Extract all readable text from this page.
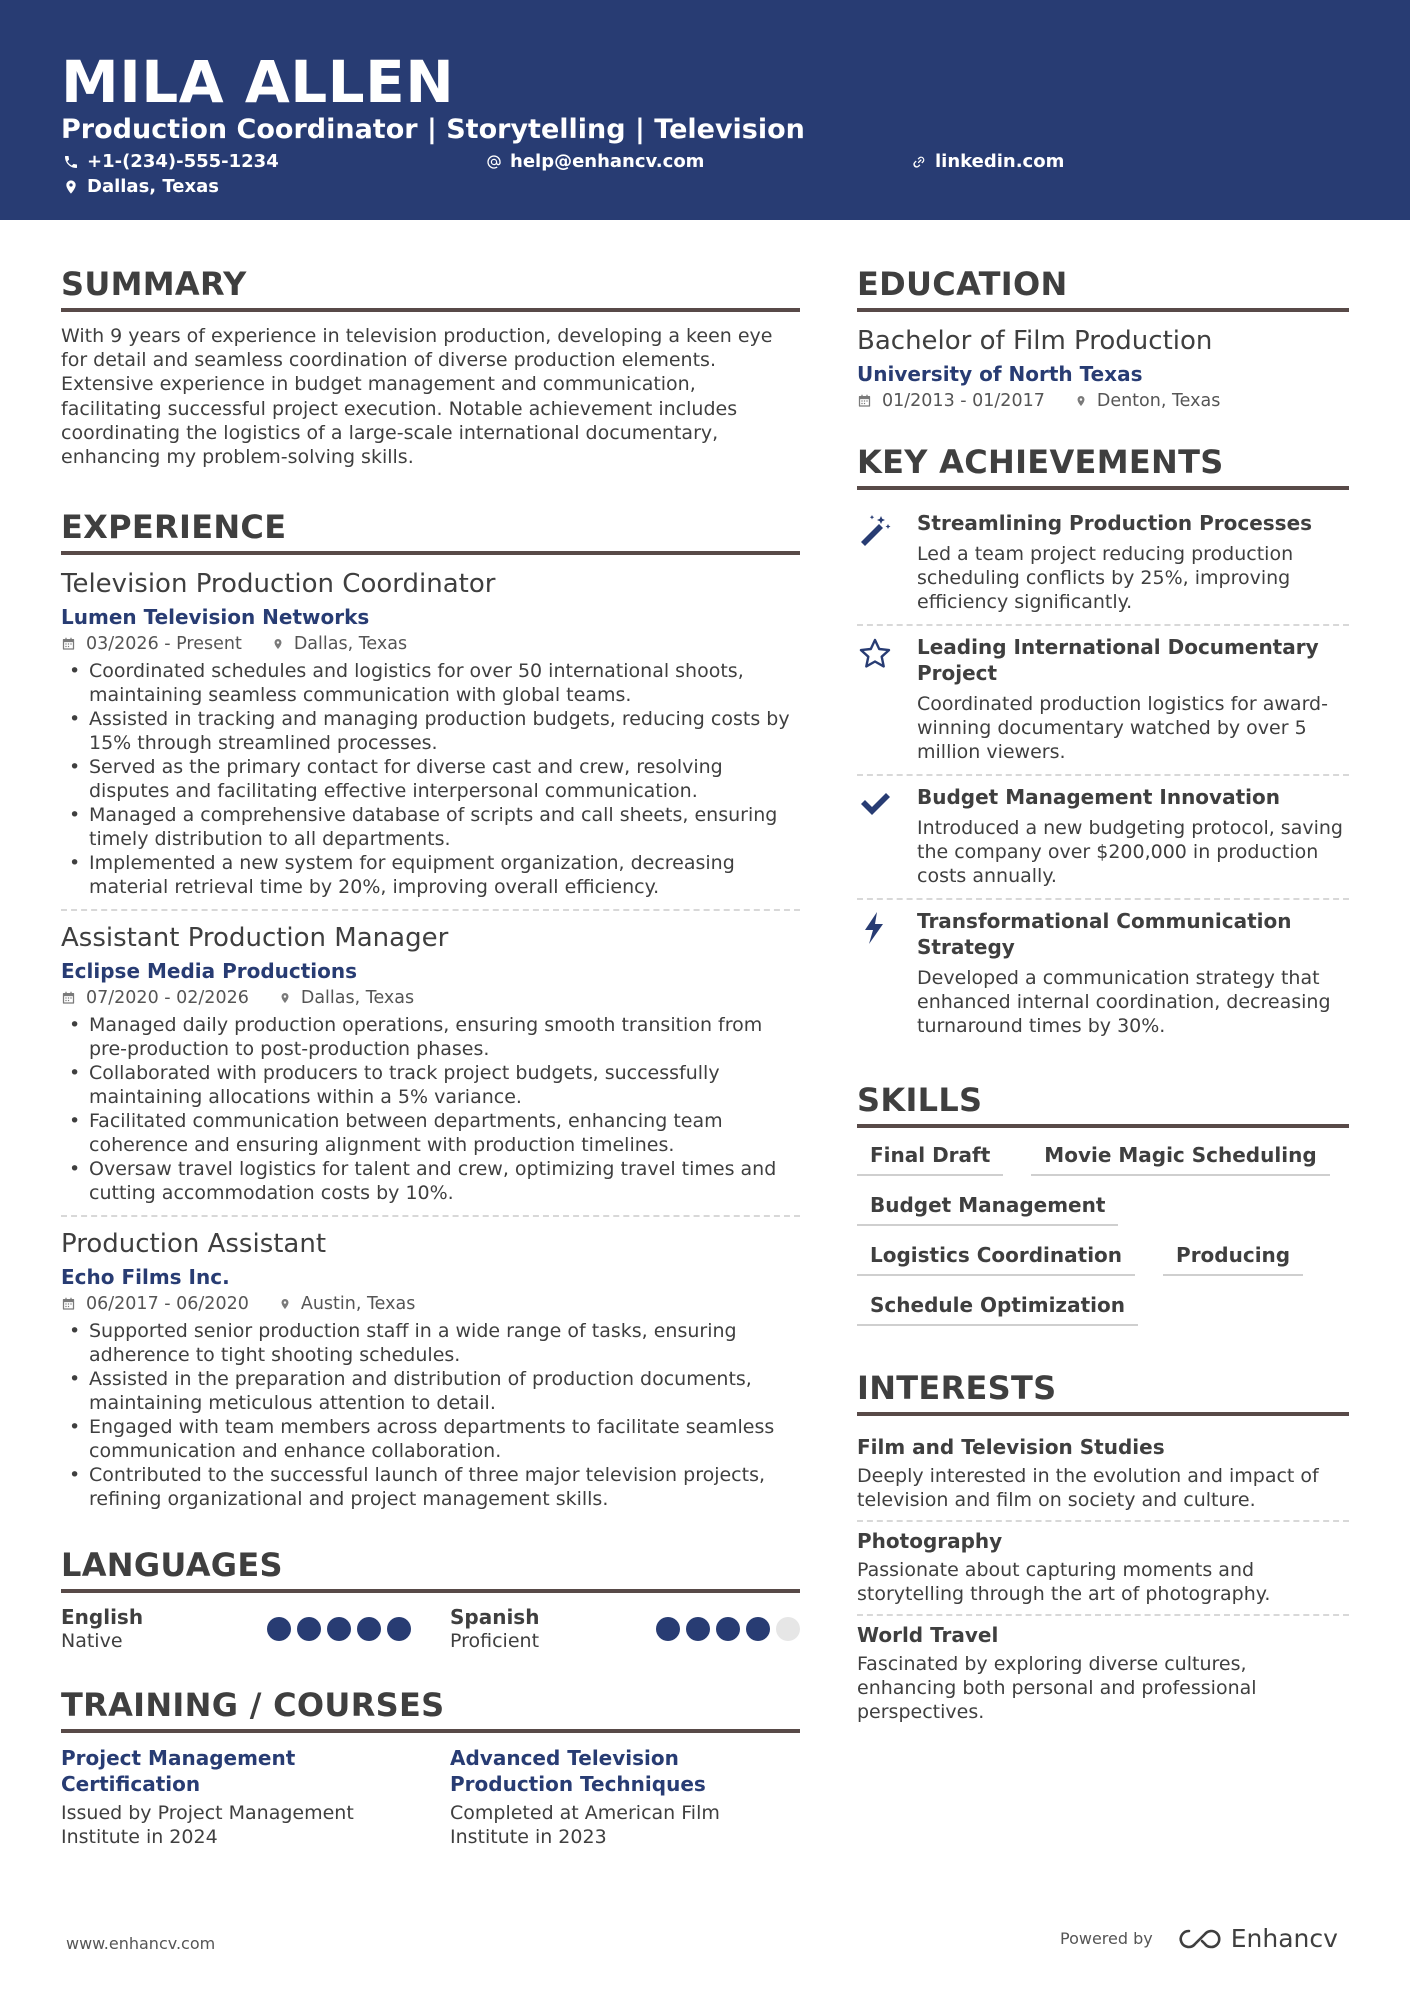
MILA ALLEN
Production Coordinator | Storytelling | Television
+1-(234)-555-1234	help@enhancv.com	linkedin.com
Dallas, Texas
SUMMARY

With 9 years of experience in television production, developing a keen eye for detail and seamless coordination of diverse production elements. Extensive experience in budget management and communication, facilitating successful project execution. Notable achievement includes coordinating the logistics of a large-scale international documentary, enhancing my problem-solving skills.

EXPERIENCE
Television Production Coordinator
Lumen Television Networks
03/2026 - Present	Dallas, Texas
• Coordinated schedules and logistics for over 50 international shoots, maintaining seamless communication with global teams.
• Assisted in tracking and managing production budgets, reducing costs by 15% through streamlined processes.
• Served as the primary contact for diverse cast and crew, resolving disputes and facilitating effective interpersonal communication.
• Managed a comprehensive database of scripts and call sheets, ensuring timely distribution to all departments.
• Implemented a new system for equipment organization, decreasing material retrieval time by 20%, improving overall efficiency.
Assistant Production Manager
Eclipse Media Productions
07/2020 - 02/2026	Dallas, Texas
• Managed daily production operations, ensuring smooth transition from pre-production to post-production phases.
• Collaborated with producers to track project budgets, successfully maintaining allocations within a 5% variance.
• Facilitated communication between departments, enhancing team coherence and ensuring alignment with production timelines.
• Oversaw travel logistics for talent and crew, optimizing travel times and cutting accommodation costs by 10%.
Production Assistant
Echo Films Inc.
06/2017 - 06/2020	Austin, Texas
• Supported senior production staff in a wide range of tasks, ensuring adherence to tight shooting schedules.
• Assisted in the preparation and distribution of production documents, maintaining meticulous attention to detail.
• Engaged with team members across departments to facilitate seamless communication and enhance collaboration.
• Contributed to the successful launch of three major television projects, refining organizational and project management skills.
LANGUAGES
English
Native
Spanish
Proficient
TRAINING / COURSES
Project Management Certification
Issued by Project Management Institute in 2024
Advanced Television Production Techniques
Completed at American Film Institute in 2023
EDUCATION
Bachelor of Film Production
University of North Texas
01/2013 - 01/2017	Denton, Texas
KEY ACHIEVEMENTS
Streamlining Production Processes
Led a team project reducing production scheduling conflicts by 25%, improving efficiency significantly.
Leading International Documentary Project
Coordinated production logistics for award-winning documentary watched by over 5 million viewers.
Budget Management Innovation
Introduced a new budgeting protocol, saving the company over $200,000 in production costs annually.
Transformational Communication Strategy
Developed a communication strategy that enhanced internal coordination, decreasing turnaround times by 30%.
SKILLS
Final Draft	Movie Magic Scheduling
Budget Management
Logistics Coordination	Producing
Schedule Optimization
INTERESTS
Film and Television Studies
Deeply interested in the evolution and impact of television and film on society and culture.
Photography
Passionate about capturing moments and storytelling through the art of photography.
World Travel
Fascinated by exploring diverse cultures, enhancing both personal and professional perspectives.
www.enhancv.com	Powered by	Enhancv
